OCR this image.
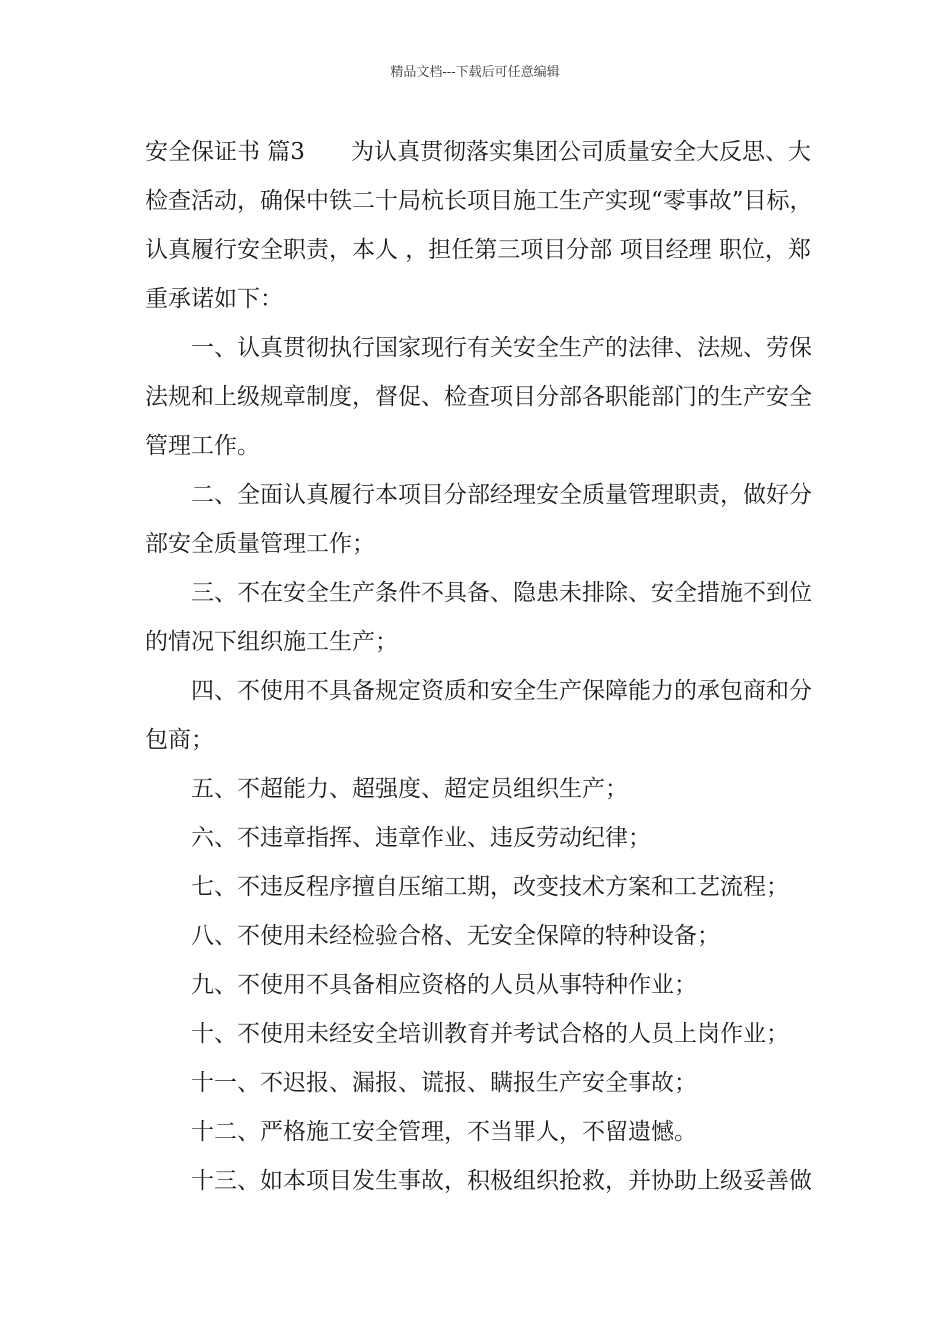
精品文档---下载后可任意编辑

安全保证书 篇3 为认真贯彻落实集团公司质量安全大反思、大
检查活动，确保中铁二十局杭长项目施工生产实现“零事故”目标，
认真履行安全职责，本人 ，担任第三项目分部 项目经理 职位，郑
重承诺如下：

一、认真贯彻执行国家现行有关安全生产的法律、法规、劳保
法规和上级规章制度，督促、检查项目分部各职能部门的生产安全
管理工作。

二、全面认真履行本项目分部经理安全质量管理职责，做好分
部安全质量管理工作；

三、不在安全生产条件不具备、隐患未排除、安全措施不到位
的情况下组织施工生产；

四、不使用不具备规定资质和安全生产保障能力的承包商和分
包商；

五、不超能力、超强度、超定员组织生产；

六、不违章指挥、违章作业、违反劳动纪律；

七、不违反程序擅自压缩工期，改变技术方案和工艺流程；

八、不使用未经检验合格、无安全保障的特种设备；

九、不使用不具备相应资格的人员从事特种作业；

十、不使用未经安全培训教育并考试合格的人员上岗作业；

十一、不迟报、漏报、谎报、瞒报生产安全事故；

十二、严格施工安全管理，不当罪人，不留遗憾。

十三、如本项目发生事故，积极组织抢救，并协助上级妥善做
